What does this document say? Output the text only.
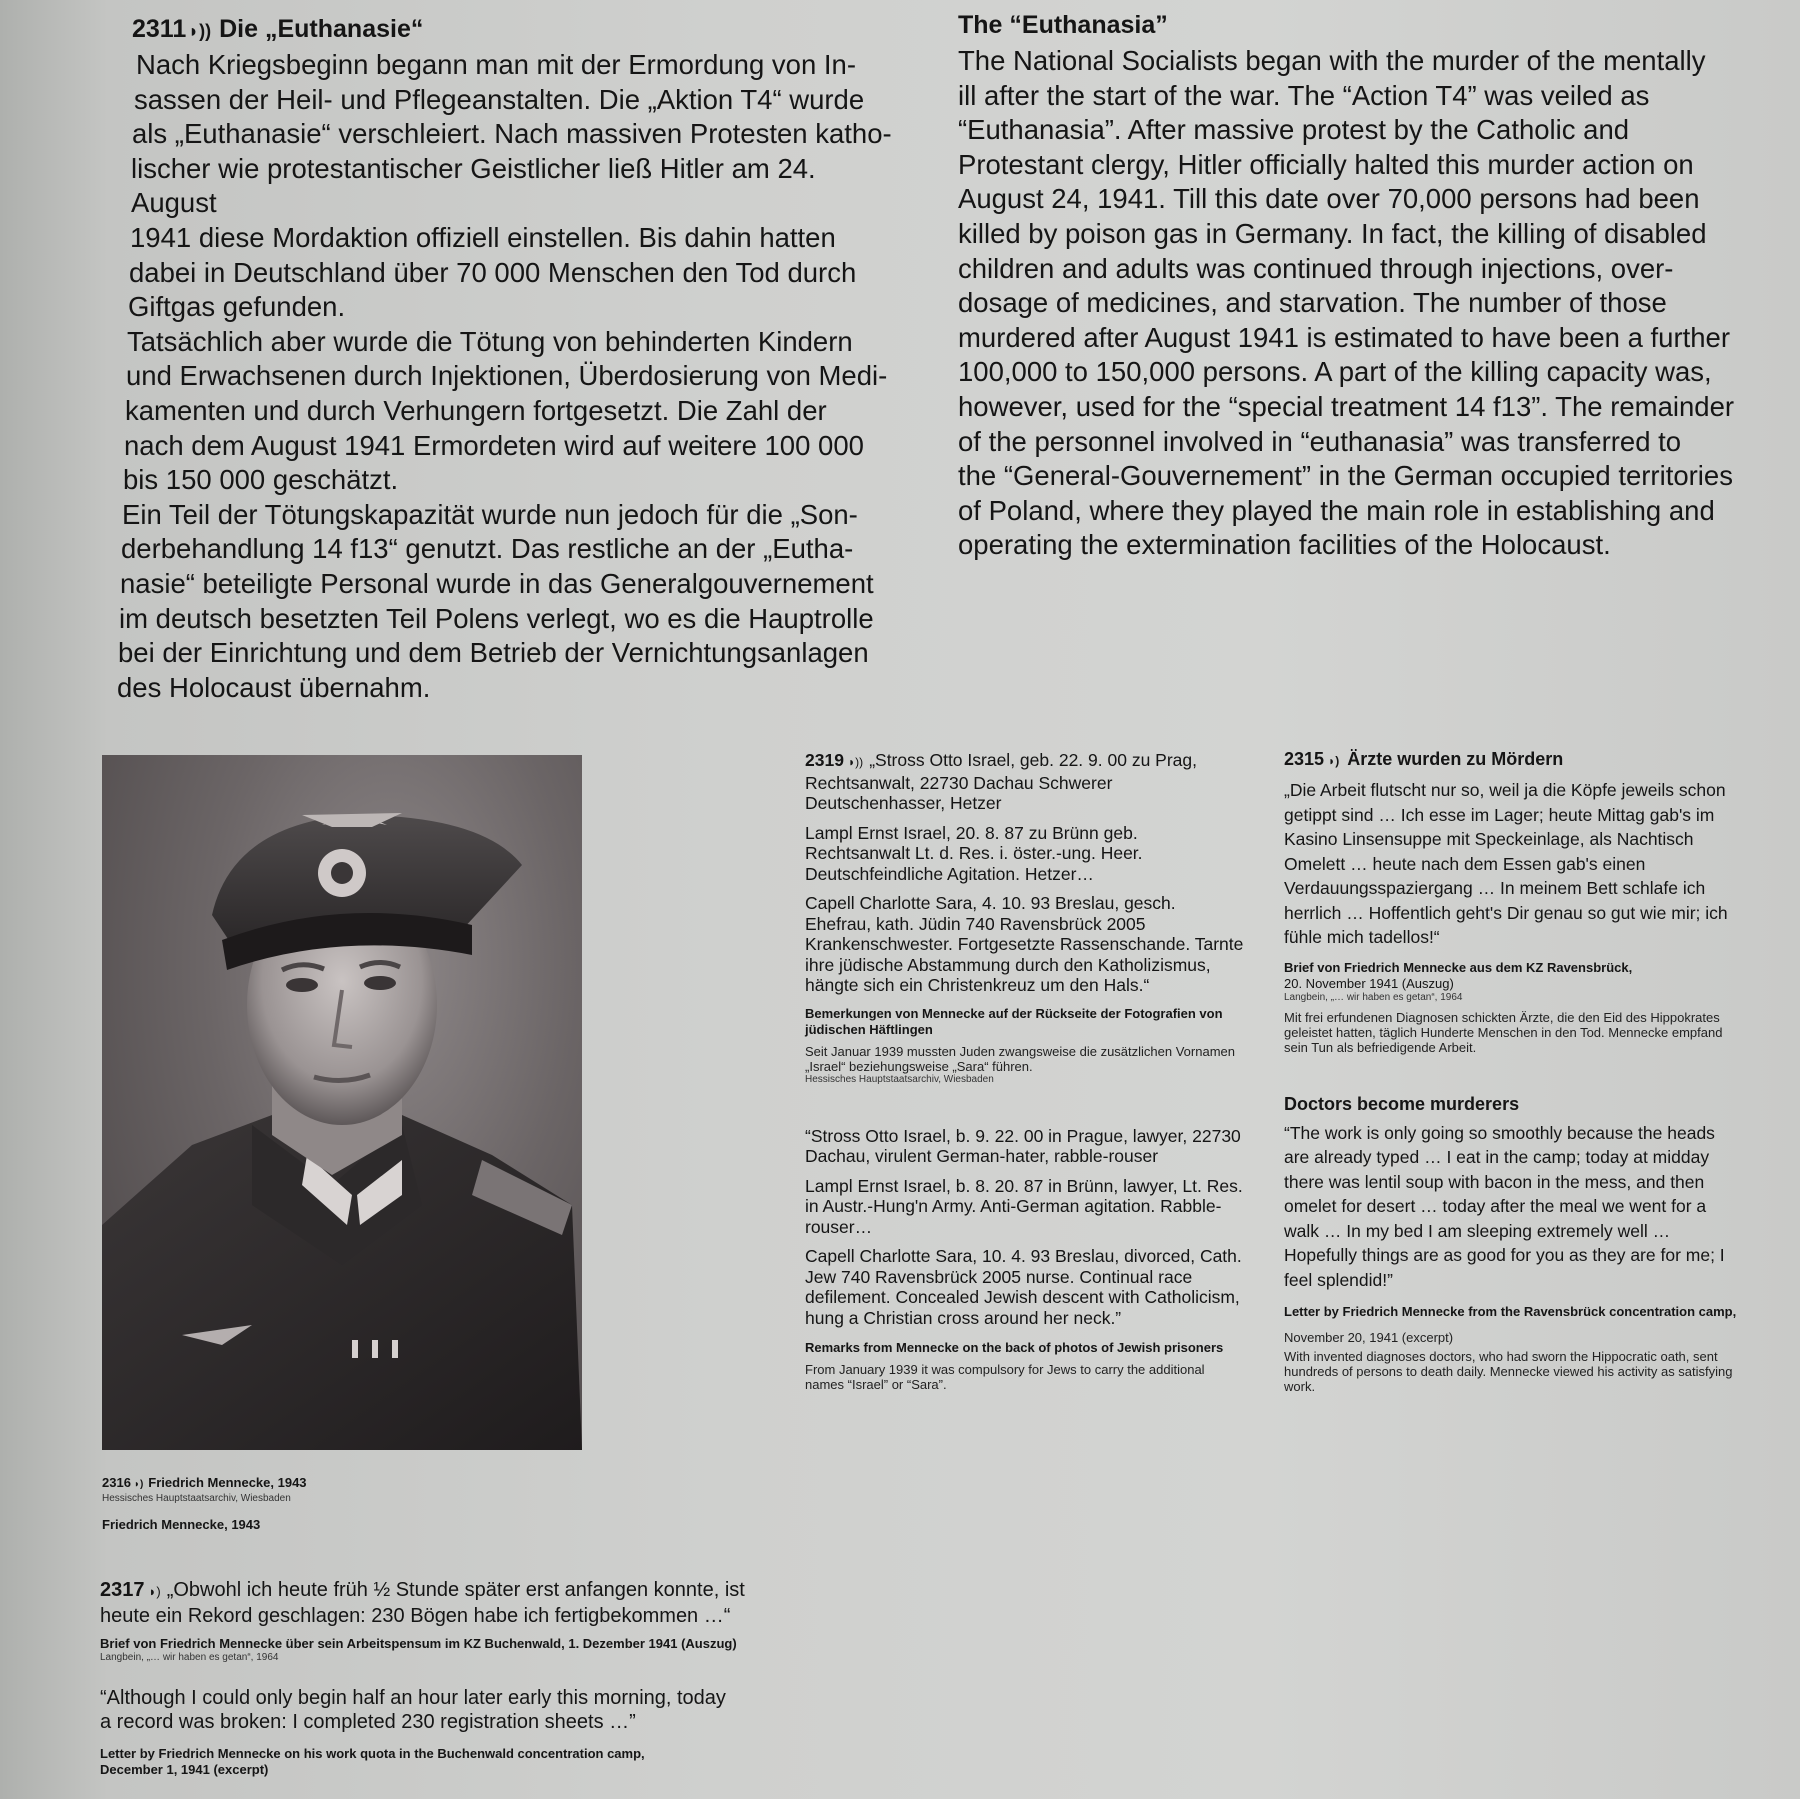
2311 ◗)) Die „Euthanasie“

Nach Kriegsbeginn begann man mit der Ermordung von In-

sassen der Heil- und Pflegeanstalten. Die „Aktion T4“ wurde

als „Euthanasie“ verschleiert. Nach massiven Protesten katho-

lischer wie protestantischer Geistlicher ließ Hitler am 24. August

1941 diese Mordaktion offiziell einstellen. Bis dahin hatten

dabei in Deutschland über 70 000 Menschen den Tod durch

Giftgas gefunden.

Tatsächlich aber wurde die Tötung von behinderten Kindern

und Erwachsenen durch Injektionen, Überdosierung von Medi-

kamenten und durch Verhungern fortgesetzt. Die Zahl der

nach dem August 1941 Ermordeten wird auf weitere 100 000

bis 150 000 geschätzt.

Ein Teil der Tötungskapazität wurde nun jedoch für die „Son-

derbehandlung 14 f13“ genutzt. Das restliche an der „Eutha-

nasie“ beteiligte Personal wurde in das Generalgouvernement

im deutsch besetzten Teil Polens verlegt, wo es die Hauptrolle

bei der Einrichtung und dem Betrieb der Vernichtungsanlagen

des Holocaust übernahm.

The “Euthanasia”

The National Socialists began with the murder of the mentally

ill after the start of the war. The “Action T4” was veiled as

“Euthanasia”. After massive protest by the Catholic and

Protestant clergy, Hitler officially halted this murder action on

August 24, 1941. Till this date over 70,000 persons had been

killed by poison gas in Germany. In fact, the killing of disabled

children and adults was continued through injections, over-

dosage of medicines, and starvation. The number of those

murdered after August 1941 is estimated to have been a further

100,000 to 150,000 persons. A part of the killing capacity was,

however, used for the “special treatment 14 f13”. The remainder

of the personnel involved in “euthanasia” was transferred to

the “General-Gouvernement” in the German occupied territories

of Poland, where they played the main role in establishing and

operating the extermination facilities of the Holocaust.

2316 ◗) Friedrich Mennecke, 1943
Hessisches Hauptstaatsarchiv, Wiesbaden
Friedrich Mennecke, 1943
2317 ◗) „Obwohl ich heute früh ½ Stunde später erst anfangen konnte, ist
heute ein Rekord geschlagen: 230 Bögen habe ich fertigbekommen …“
Brief von Friedrich Mennecke über sein Arbeitspensum im KZ Buchenwald, 1. Dezember 1941 (Auszug)
Langbein, „… wir haben es getan“, 1964
“Although I could only begin half an hour later early this morning, today
a record was broken: I completed 230 registration sheets …”
Letter by Friedrich Mennecke on his work quota in the Buchenwald concentration camp,
December 1, 1941 (excerpt)
2319 ◗)) „Stross Otto Israel, geb. 22. 9. 00 zu Prag, Rechtsanwalt, 22730 Dachau Schwerer Deutschenhasser, Hetzer
Lampl Ernst Israel, 20. 8. 87 zu Brünn geb. Rechtsanwalt Lt. d. Res. i. öster.-ung. Heer. Deutschfeindliche Agitation. Hetzer…
Capell Charlotte Sara, 4. 10. 93 Breslau, gesch. Ehefrau, kath. Jüdin 740 Ravensbrück 2005 Krankenschwester. Fortgesetzte Rassenschande. Tarnte ihre jüdische Abstammung durch den Katholizismus, hängte sich ein Christenkreuz um den Hals.“
Bemerkungen von Mennecke auf der Rückseite der Fotografien von jüdischen Häftlingen
Seit Januar 1939 mussten Juden zwangsweise die zusätzlichen Vornamen „Israel“ beziehungsweise „Sara“ führen.
Hessisches Hauptstaatsarchiv, Wiesbaden
“Stross Otto Israel, b. 9. 22. 00 in Prague, lawyer, 22730 Dachau, virulent German-hater, rabble-rouser
Lampl Ernst Israel, b. 8. 20. 87 in Brünn, lawyer, Lt. Res. in Austr.-Hung'n Army. Anti-German agitation. Rabble-rouser…
Capell Charlotte Sara, 10. 4. 93 Breslau, divorced, Cath. Jew 740 Ravensbrück 2005 nurse. Continual race defilement. Concealed Jewish descent with Catholicism, hung a Christian cross around her neck.”
Remarks from Mennecke on the back of photos of Jewish prisoners
From January 1939 it was compulsory for Jews to carry the additional names “Israel” or “Sara”.
2315 ◗) Ärzte wurden zu Mördern
„Die Arbeit flutscht nur so, weil ja die Köpfe jeweils schon getippt sind … Ich esse im Lager; heute Mittag gab's im Kasino Linsensuppe mit Speckeinlage, als Nachtisch Omelett … heute nach dem Essen gab's einen Verdauungsspaziergang … In meinem Bett schlafe ich herrlich … Hoffentlich geht's Dir genau so gut wie mir; ich fühle mich tadellos!“
Brief von Friedrich Mennecke aus dem KZ Ravensbrück,
20. November 1941 (Auszug)
Langbein, „… wir haben es getan“, 1964
Mit frei erfundenen Diagnosen schickten Ärzte, die den Eid des Hippokrates geleistet hatten, täglich Hunderte Menschen in den Tod. Mennecke empfand sein Tun als befriedigende Arbeit.
Doctors become murderers
“The work is only going so smoothly because the heads are already typed … I eat in the camp; today at midday there was lentil soup with bacon in the mess, and then omelet for desert … today after the meal we went for a walk … In my bed I am sleeping extremely well … Hopefully things are as good for you as they are for me; I feel splendid!”
Letter by Friedrich Mennecke from the Ravensbrück concentration camp,
November 20, 1941 (excerpt)
With invented diagnoses doctors, who had sworn the Hippocratic oath, sent hundreds of persons to death daily. Mennecke viewed his activity as satisfying work.
